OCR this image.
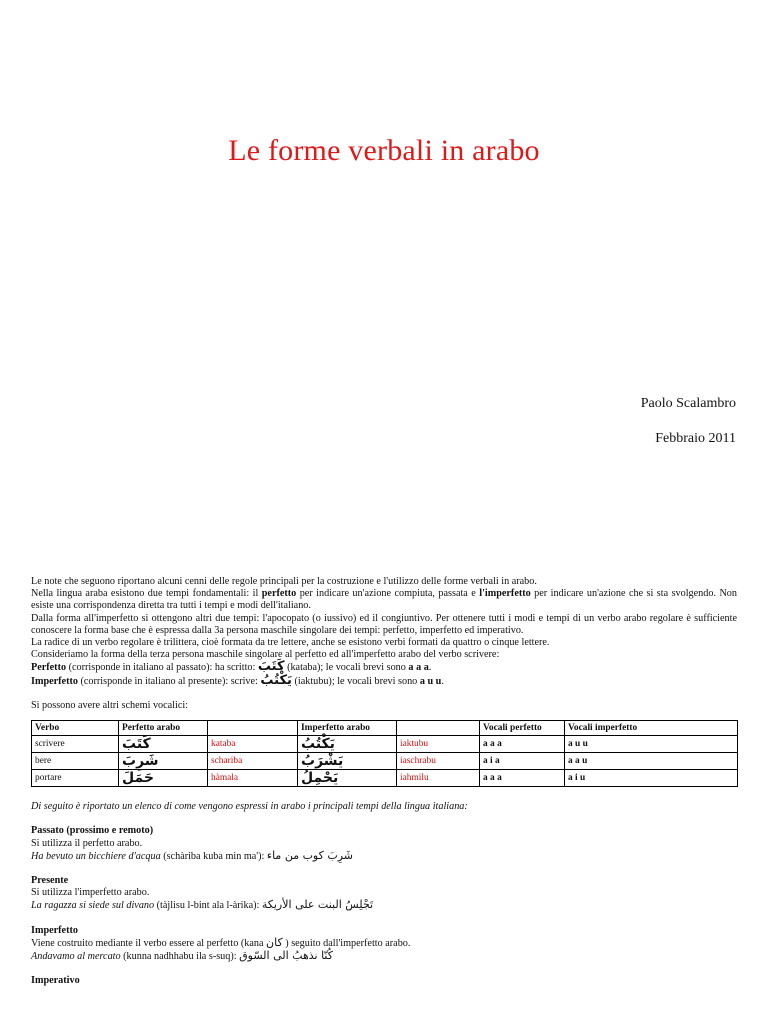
Le forme verbali in arabo
Paolo Scalambro
Febbraio 2011

Le note che seguono riportano alcuni cenni delle regole principali per la costruzione e l'utilizzo delle forme verbali in arabo.

Nella lingua araba esistono due tempi fondamentali: il perfetto per indicare un'azione compiuta, passata e l'imperfetto per indicare un'azione che si sta svolgendo. Non esiste una corrispondenza diretta tra tutti i tempi e modi dell'italiano.

Dalla forma all'imperfetto si ottengono altri due tempi: l'apocopato (o iussivo) ed il congiuntivo. Per ottenere tutti i modi e tempi di un verbo arabo regolare è sufficiente conoscere la forma base che è espressa dalla 3a persona maschile singolare dei tempi: perfetto, imperfetto ed imperativo.

La radice di un verbo regolare è trilittera, cioè formata da tre lettere, anche se esistono verbi formati da quattro o cinque lettere.

Consideriamo la forma della terza persona maschile singolare al perfetto ed all'imperfetto arabo del verbo scrivere:

Perfetto (corrisponde in italiano al passato): ha scritto: كَتَبَ (kataba); le vocali brevi sono a a a.

Imperfetto (corrisponde in italiano al presente): scrive: يَكْتُبُ (iaktubu); le vocali brevi sono a u u.

Si possono avere altri schemi vocalici:

Verbo	Perfetto arabo		Imperfetto arabo		Vocali perfetto	Vocali imperfetto
scrivere	كَتَبَ	kataba	يَكْتُبُ	iaktubu	a a a	a u u
bere	شَرِبَ	schariba	يَشْرَبُ	iaschrabu	a i a	a a u
portare	حَمَلَ	hàmala	يَحْمِلُ	iahmilu	a a a	a i u

Di seguito è riportato un elenco di come vengono espressi in arabo i principali tempi della lingua italiana:

Passato (prossimo e remoto)

Si utilizza il perfetto arabo.

Ha bevuto un bicchiere d'acqua (schàriba kuba min ma'): شَرِبَ كوب من ماء

Presente

Si utilizza l'imperfetto arabo.

La ragazza si siede sul divano (tàjlisu l-bint ala l-àrika): تَجْلِسُ البنت على الأريكة

Imperfetto

Viene costruito mediante il verbo essere al perfetto (kana كان ) seguito dall'imperfetto arabo.

Andavamo al mercato (kunna nadhhabu ila s-suq): كُنّا نذهبُ الى السّوق

Imperativo
